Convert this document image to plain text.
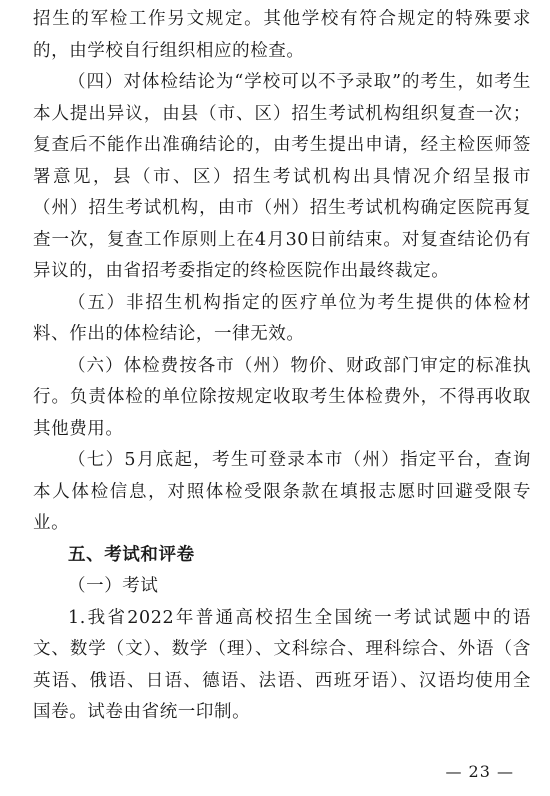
招生的军检工作另文规定。其他学校有符合规定的特殊要求的，由学校自行组织相应的检查。

（四）对体检结论为“学校可以不予录取”的考生，如考生本人提出异议，由县（市、区）招生考试机构组织复查一次；复查后不能作出准确结论的，由考生提出申请，经主检医师签署意见，县（市、区）招生考试机构出具情况介绍呈报市（州）招生考试机构，由市（州）招生考试机构确定医院再复查一次，复查工作原则上在4月30日前结束。对复查结论仍有异议的，由省招考委指定的终检医院作出最终裁定。

（五）非招生机构指定的医疗单位为考生提供的体检材料、作出的体检结论，一律无效。

（六）体检费按各市（州）物价、财政部门审定的标准执行。负责体检的单位除按规定收取考生体检费外，不得再收取其他费用。

（七）5月底起，考生可登录本市（州）指定平台，查询本人体检信息，对照体检受限条款在填报志愿时回避受限专业。

五、考试和评卷

（一）考试

1.我省2022年普通高校招生全国统一考试试题中的语文、数学（文）、数学（理）、文科综合、理科综合、外语（含英语、俄语、日语、德语、法语、西班牙语）、汉语均使用全国卷。试卷由省统一印制。

— 23 —
